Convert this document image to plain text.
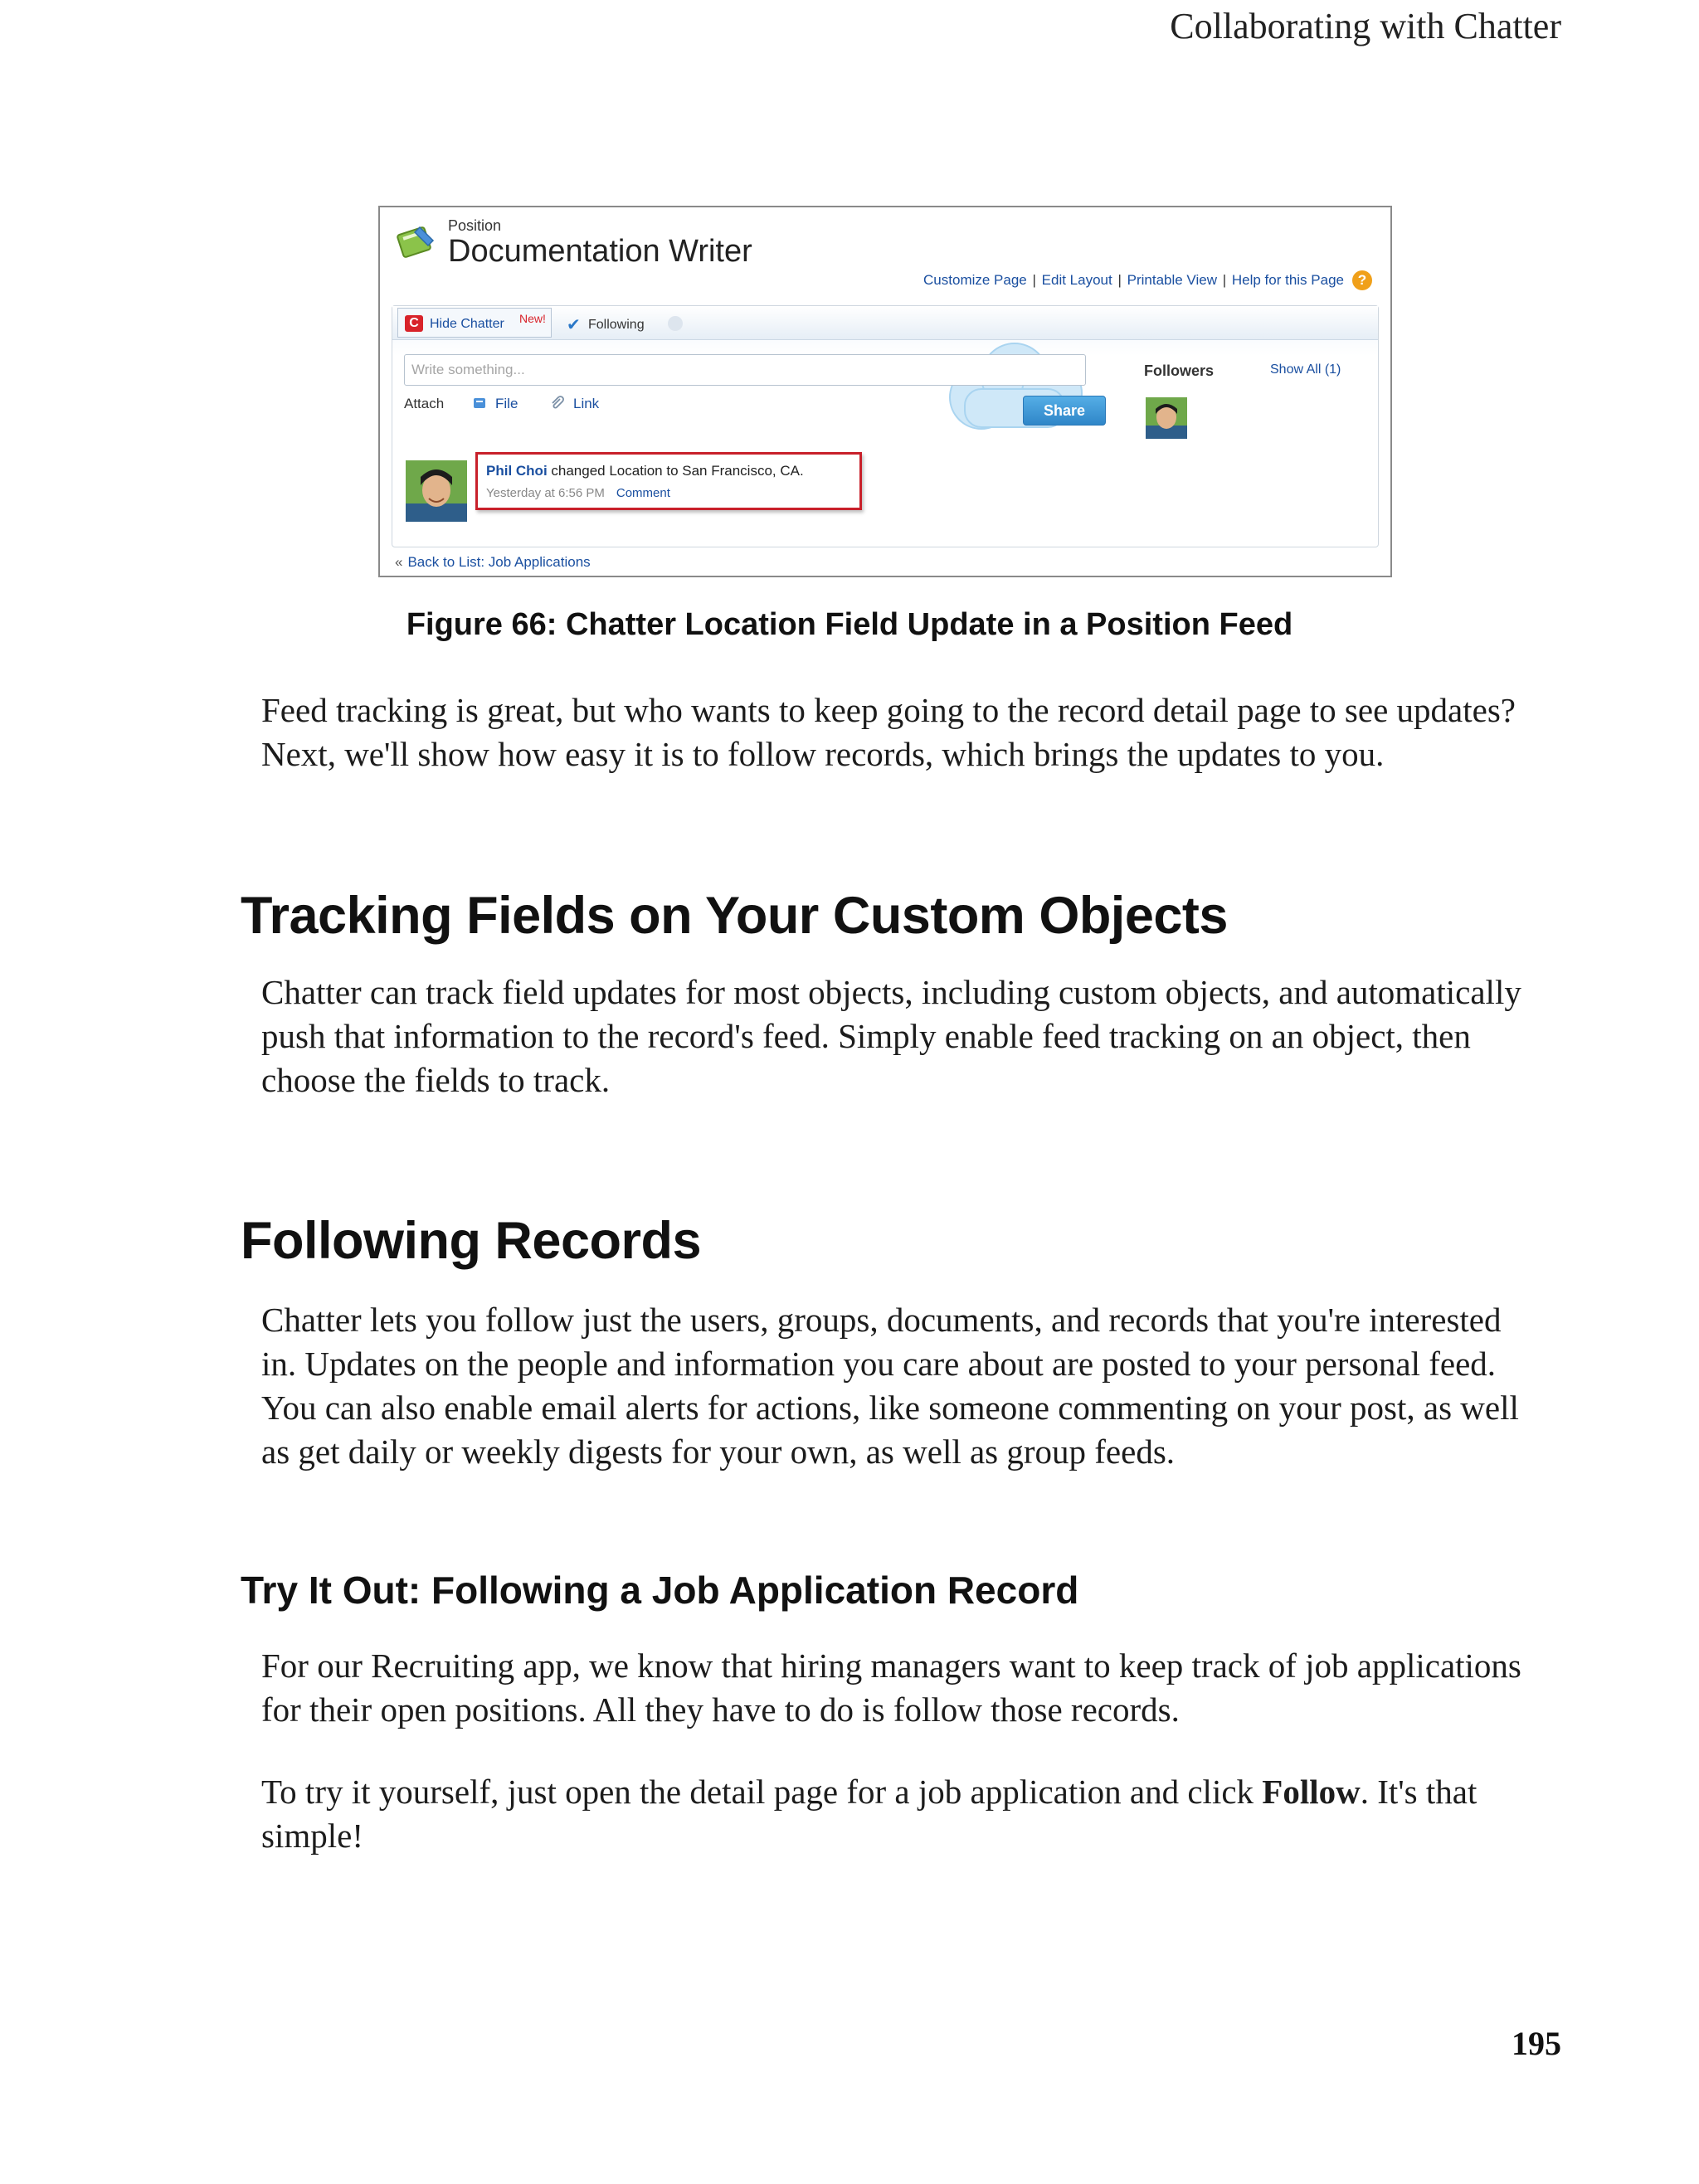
Collaborating with Chatter
Position
Documentation Writer
Customize Page | Edit Layout | Printable View | Help for this Page ?
C Hide Chatter New! ✔ Following
Write something...
Attach	File	Link	Share
Followers	Show All (1)
Phil Choi changed Location to San Francisco, CA.
Yesterday at 6:56 PM Comment
« Back to List: Job Applications
Figure 66: Chatter Location Field Update in a Position Feed
Feed tracking is great, but who wants to keep going to the record detail page to see updates?
Next, we'll show how easy it is to follow records, which brings the updates to you.
Tracking Fields on Your Custom Objects
Chatter can track field updates for most objects, including custom objects, and automatically
push that information to the record's feed. Simply enable feed tracking on an object, then
choose the fields to track.
Following Records
Chatter lets you follow just the users, groups, documents, and records that you're interested
in. Updates on the people and information you care about are posted to your personal feed.
You can also enable email alerts for actions, like someone commenting on your post, as well
as get daily or weekly digests for your own, as well as group feeds.
Try It Out: Following a Job Application Record
For our Recruiting app, we know that hiring managers want to keep track of job applications
for their open positions. All they have to do is follow those records.
To try it yourself, just open the detail page for a job application and click Follow. It's that
simple!
195
